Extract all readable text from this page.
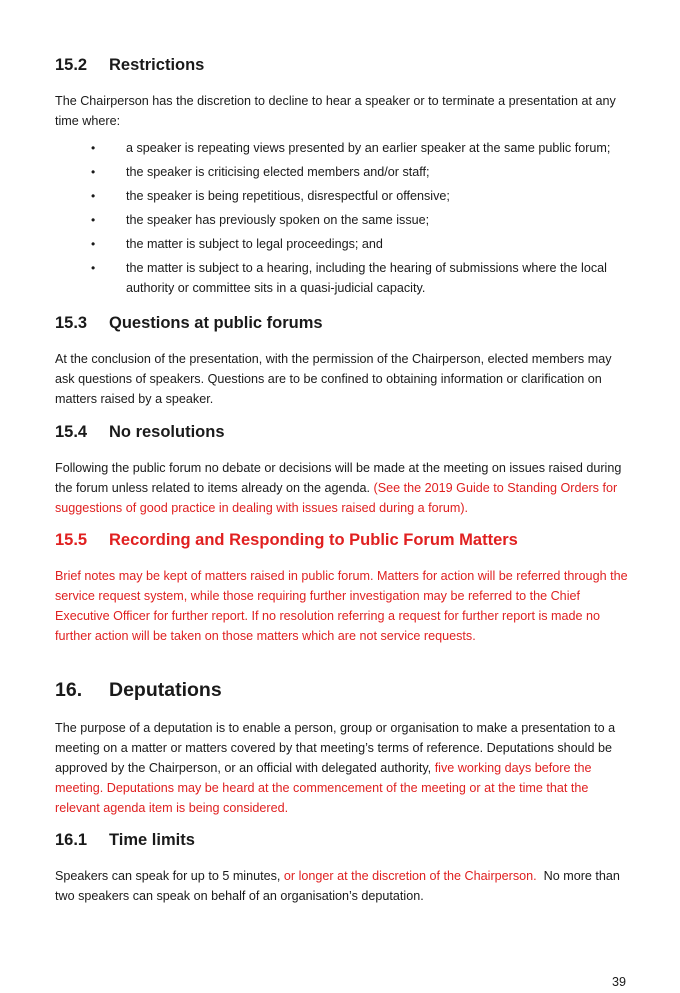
15.2	Restrictions

The Chairperson has the discretion to decline to hear a speaker or to terminate a presentation at any time where:

• a speaker is repeating views presented by an earlier speaker at the same public forum;
• the speaker is criticising elected members and/or staff;
• the speaker is being repetitious, disrespectful or offensive;
• the speaker has previously spoken on the same issue;
• the matter is subject to legal proceedings; and
• the matter is subject to a hearing, including the hearing of submissions where the local authority or committee sits in a quasi-judicial capacity.
15.3	Questions at public forums

At the conclusion of the presentation, with the permission of the Chairperson, elected members may ask questions of speakers. Questions are to be confined to obtaining information or clarification on matters raised by a speaker.

15.4	No resolutions

Following the public forum no debate or decisions will be made at the meeting on issues raised during the forum unless related to items already on the agenda. (See the 2019 Guide to Standing Orders for suggestions of good practice in dealing with issues raised during a forum).

15.5	Recording and Responding to Public Forum Matters

Brief notes may be kept of matters raised in public forum. Matters for action will be referred through the service request system, while those requiring further investigation may be referred to the Chief Executive Officer for further report. If no resolution referring a request for further report is made no further action will be taken on those matters which are not service requests.

16.	Deputations

The purpose of a deputation is to enable a person, group or organisation to make a presentation to a meeting on a matter or matters covered by that meeting’s terms of reference. Deputations should be approved by the Chairperson, or an official with delegated authority, five working days before the meeting. Deputations may be heard at the commencement of the meeting or at the time that the relevant agenda item is being considered.

16.1	Time limits

Speakers can speak for up to 5 minutes, or longer at the discretion of the Chairperson. No more than two speakers can speak on behalf of an organisation’s deputation.

39
